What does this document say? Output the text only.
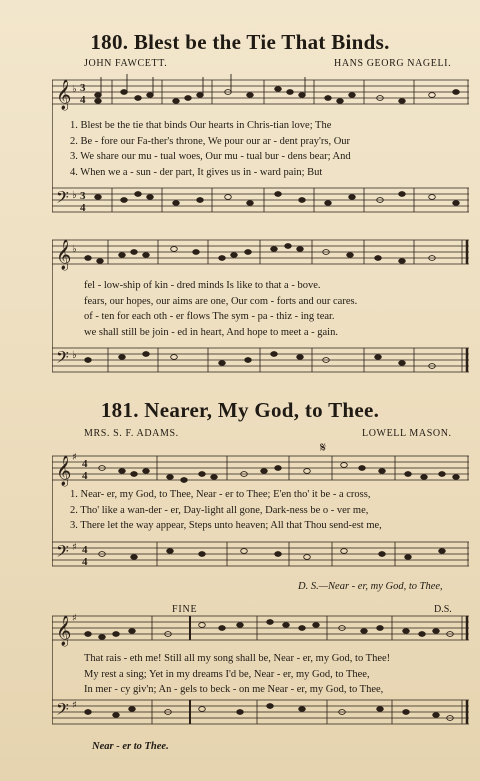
180. Blest be the Tie That Binds.
JOHN FAWCETT.	HANS GEORG NAGELI.
𝄞
𝄢
♭
♭
3
4
3
4
1. Blest be the tie that binds Our hearts in Chris-tian love; The
2. Be - fore our Fa-ther's throne, We pour our ar - dent pray'rs, Our
3. We share our mu - tual woes, Our mu - tual bur - dens bear; And
4. When we a - sun - der part, It gives us in - ward pain; But
𝄞
𝄢
♭
♭
fel - low-ship of kin - dred minds Is like to that a - bove.
fears, our hopes, our aims are one, Our com - forts and our cares.
of - ten for each oth - er flows The sym - pa - thiz - ing tear.
we shall still be join - ed in heart, And hope to meet a - gain.
181. Nearer, My God, to Thee.
MRS. S. F. ADAMS.	LOWELL MASON.
𝄋
𝄞
𝄢
♯
♯
4
4
4
4
1. Near- er, my God, to Thee, Near - er to Thee; E'en tho' it be - a cross,
2. Tho' like a wan-der - er, Day-light all gone, Dark-ness be o - ver me,
3. There let the way appear, Steps unto heaven; All that Thou send-est me,
D. S.—Near - er, my God, to Thee,
FINE	D.S.
𝄞
𝄢
♯
♯
That rais - eth me! Still all my song shall be, Near - er, my God, to Thee!
My rest a sing; Yet in my dreams I'd be, Near - er, my God, to Thee,
In mer - cy giv'n; An - gels to beck - on me Near - er, my God, to Thee,
Near - er to Thee.
